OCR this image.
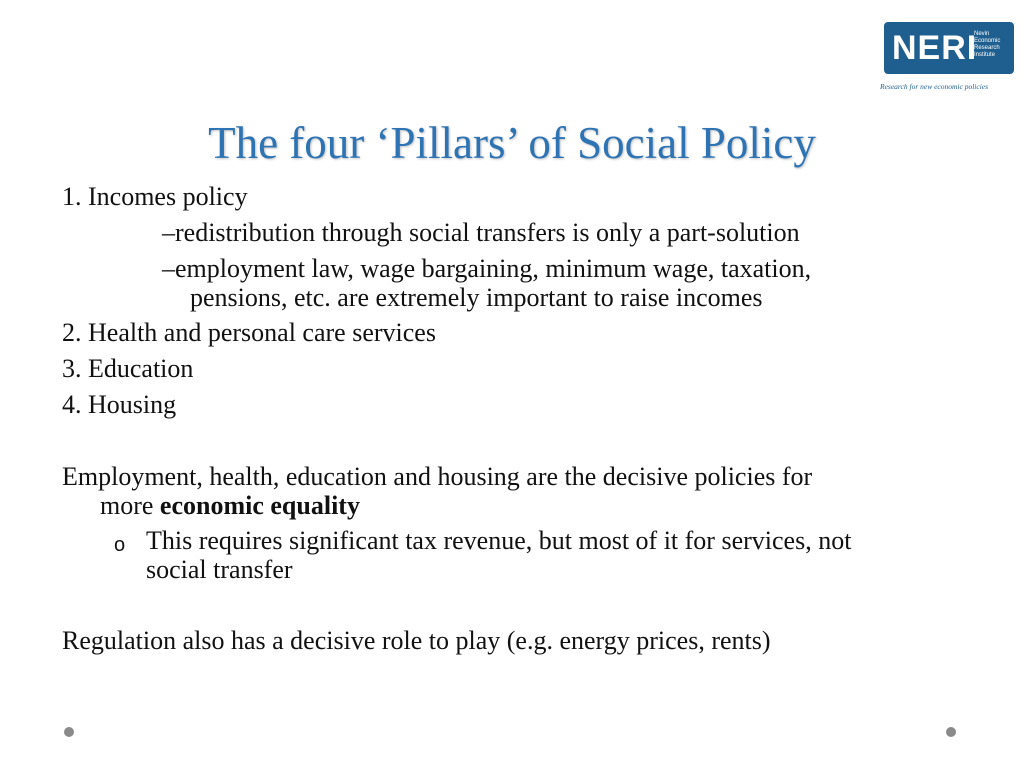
NERI
Nevin
Economic
Research
Institute
Research for new economic policies
The four ‘Pillars’ of Social Policy
1. Incomes policy
–redistribution through social transfers is only a part-solution
–employment law, wage bargaining, minimum wage, taxation,
pensions, etc. are extremely important to raise incomes
2. Health and personal care services
3. Education
4. Housing
Employment, health, education and housing are the decisive policies for
more economic equality
o This requires significant tax revenue, but most of it for services, not
social transfer
Regulation also has a decisive role to play (e.g. energy prices, rents)
